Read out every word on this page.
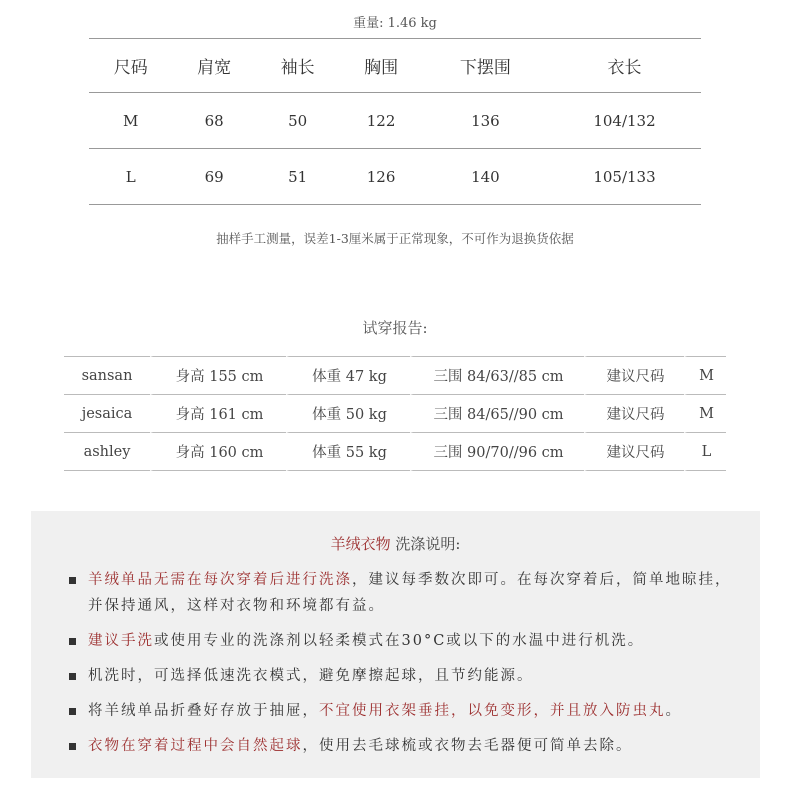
重量: 1.46 kg
尺码	肩宽	袖长	胸围	下摆围	衣长
M	68	50	122	136	104/132
L	69	51	126	140	105/133
抽样手工测量，误差1-3厘米属于正常现象，不可作为退换货依据
试穿报告:
sansan	身高 155 cm	体重 47 kg	三围 84/63//85 cm	建议尺码	M
jesaica	身高 161 cm	体重 50 kg	三围 84/65//90 cm	建议尺码	M
ashley	身高 160 cm	体重 55 kg	三围 90/70//96 cm	建议尺码	L
羊绒衣物 洗涤说明:
羊绒单品无需在每次穿着后进行洗涤，建议每季数次即可。在每次穿着后，简单地晾挂，并保持通风，这样对衣物和环境都有益。
建议手洗或使用专业的洗涤剂以轻柔模式在30°C或以下的水温中进行机洗。
机洗时，可选择低速洗衣模式，避免摩擦起球，且节约能源。
将羊绒单品折叠好存放于抽屉，不宜使用衣架垂挂，以免变形，并且放入防虫丸。
衣物在穿着过程中会自然起球，使用去毛球梳或衣物去毛器便可简单去除。
